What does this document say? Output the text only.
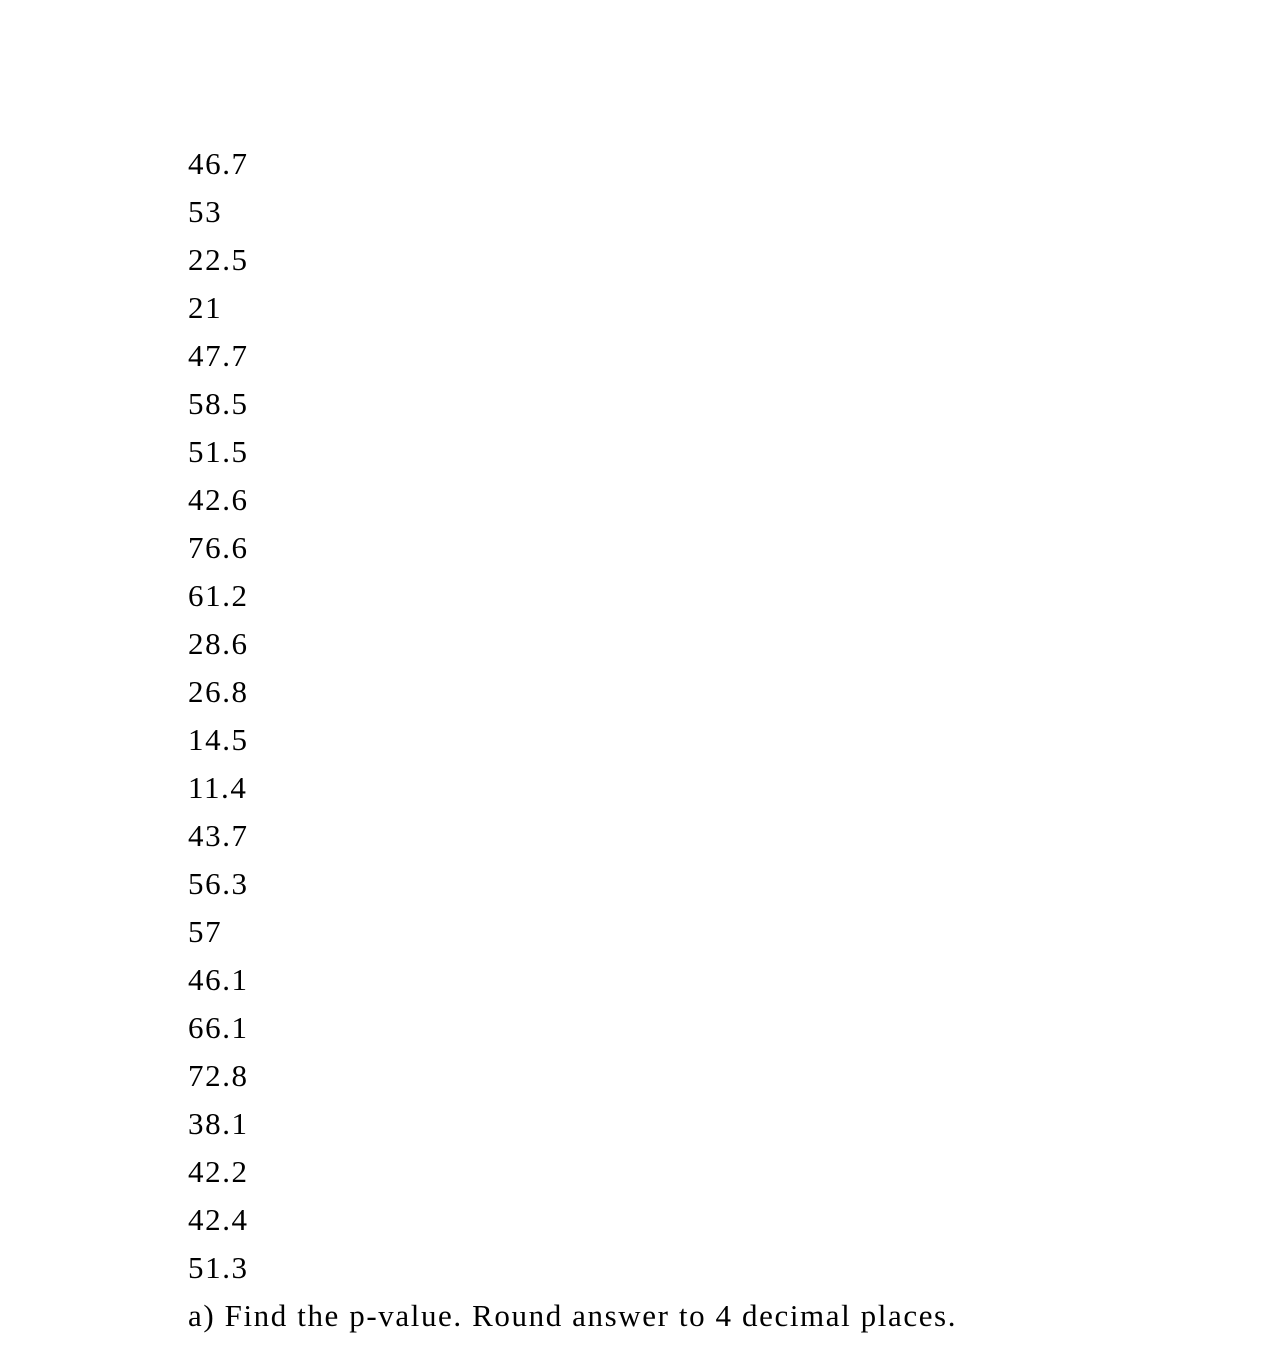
46.7
53
22.5
21
47.7
58.5
51.5
42.6
76.6
61.2
28.6
26.8
14.5
11.4
43.7
56.3
57
46.1
66.1
72.8
38.1
42.2
42.4
51.3
a) Find the p-value. Round answer to 4 decimal places.
